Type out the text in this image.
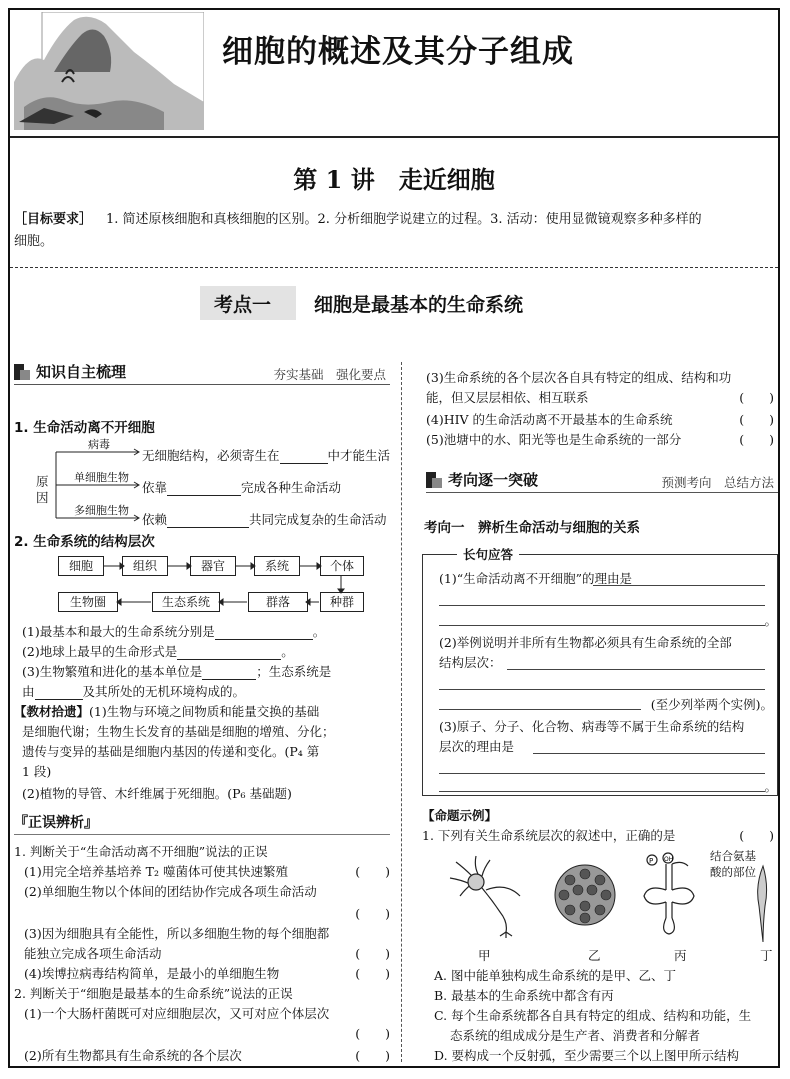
细胞的概述及其分子组成
第 1 讲　走近细胞
［目标要求］ 1. 简述原核细胞和真核细胞的区别。2. 分析细胞学说建立的过程。3. 活动：使用显微镜观察多种多样的
细胞。
考点一 细胞是最基本的生命系统
知识自主梳理	夯实基础　强化要点
1. 生命活动离不开细胞
原
因
病毒
无细胞结构，必须寄生在	中才能生活
单细胞生物
依靠	完成各种生命活动
多细胞生物
依赖	共同完成复杂的生命活动
2. 生命系统的结构层次
细胞	组织	器官	系统	个体
生物圈	生态系统	群落	种群
(1)最基本和最大的生命系统分别是	。
(2)地球上最早的生命形式是	。
(3)生物繁殖和进化的基本单位是	；生态系统是
由	及其所处的无机环境构成的。
【教材拾遗】(1)生物与环境之间物质和能量交换的基础
是细胞代谢；生物生长发育的基础是细胞的增殖、分化；
遗传与变异的基础是细胞内基因的传递和变化。(P₄ 第
1 段)
(2)植物的导管、木纤维属于死细胞。(P₆ 基础题)
『正误辨析』
1. 判断关于“生命活动离不开细胞”说法的正误
(1)用完全培养基培养 T₂ 噬菌体可使其快速繁殖	(　　)
(2)单细胞生物以个体间的团结协作完成各项生命活动
(　　)
(3)因为细胞具有全能性，所以多细胞生物的每个细胞都
能独立完成各项生命活动	(　　)
(4)埃博拉病毒结构简单，是最小的单细胞生物	(　　)
2. 判断关于“细胞是最基本的生命系统”说法的正误
(1)一个大肠杆菌既可对应细胞层次，又可对应个体层次
(　　)
(2)所有生物都具有生命系统的各个层次	(　　)
(3)生命系统的各个层次各自具有特定的组成、结构和功
能，但又层层相依、相互联系	(　　)
(4)HIV 的生命活动离不开最基本的生命系统	(　　)
(5)池塘中的水、阳光等也是生命系统的一部分	(　　)
考向逐一突破	预测考向　总结方法
考向一　辨析生命活动与细胞的关系
长句应答
(1)“生命活动离不开细胞”的理由是
。
(2)举例说明并非所有生物都必须具有生命系统的全部
结构层次：
(至少列举两个实例)。
(3)原子、分子、化合物、病毒等不属于生命系统的结构
层次的理由是
。
【命题示例】
1. 下列有关生命系统层次的叙述中，正确的是	(　　)
P OH	结合氨基
酸的部位
甲	乙	丙	丁
A. 图中能单独构成生命系统的是甲、乙、丁
B. 最基本的生命系统中都含有丙
C. 每个生命系统都各自具有特定的组成、结构和功能，生
态系统的组成成分是生产者、消费者和分解者
D. 要构成一个反射弧，至少需要三个以上图甲所示结构
